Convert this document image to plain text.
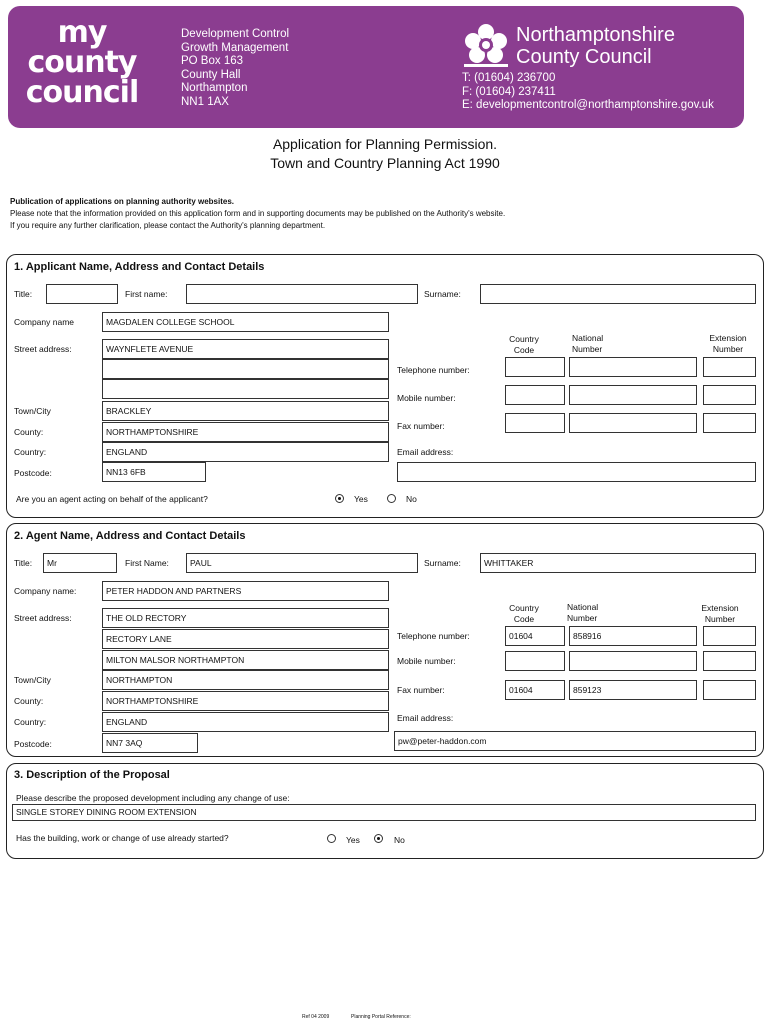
my
county
council
Development Control
Growth Management
PO Box 163
County Hall
Northampton
NN1 1AX
Northamptonshire
County Council
T: (01604) 236700
F: (01604) 237411
E: developmentcontrol@northamptonshire.gov.uk
Application for Planning Permission.
Town and Country Planning Act 1990
Publication of applications on planning authority websites.
Please note that the information provided on this application form and in supporting documents may be published on the Authority's website.
If you require any further clarification, please contact the Authority's planning department.
1. Applicant Name, Address and Contact Details
Title:	First name:	Surname:
Company name	MAGDALEN COLLEGE SCHOOL
Street address:	WAYNFLETE AVENUE
Town/City	BRACKLEY
County:	NORTHAMPTONSHIRE
Country:	ENGLAND
Postcode:	NN13 6FB
Country
Code
National
Number
Extension
Number
Telephone number:
Mobile number:
Fax number:
Email address:
Are you an agent acting on behalf of the applicant?	Yes	No
2. Agent Name, Address and Contact Details
Title:	Mr	First Name:	PAUL	Surname:	WHITTAKER
Company name:	PETER HADDON AND PARTNERS
Street address:	THE OLD RECTORY
RECTORY LANE
MILTON MALSOR NORTHAMPTON
Town/City	NORTHAMPTON
County:	NORTHAMPTONSHIRE
Country:	ENGLAND
Postcode:	NN7 3AQ
Country
Code
National
Number
Extension
Number
Telephone number:	01604	858916
Mobile number:
Fax number:	01604	859123
Email address:
pw@peter-haddon.com
3. Description of the Proposal
Please describe the proposed development including any change of use:
SINGLE STOREY DINING ROOM EXTENSION
Has the building, work or change of use already started?	Yes	No
Ref 04 2009	Planning Portal Reference:
